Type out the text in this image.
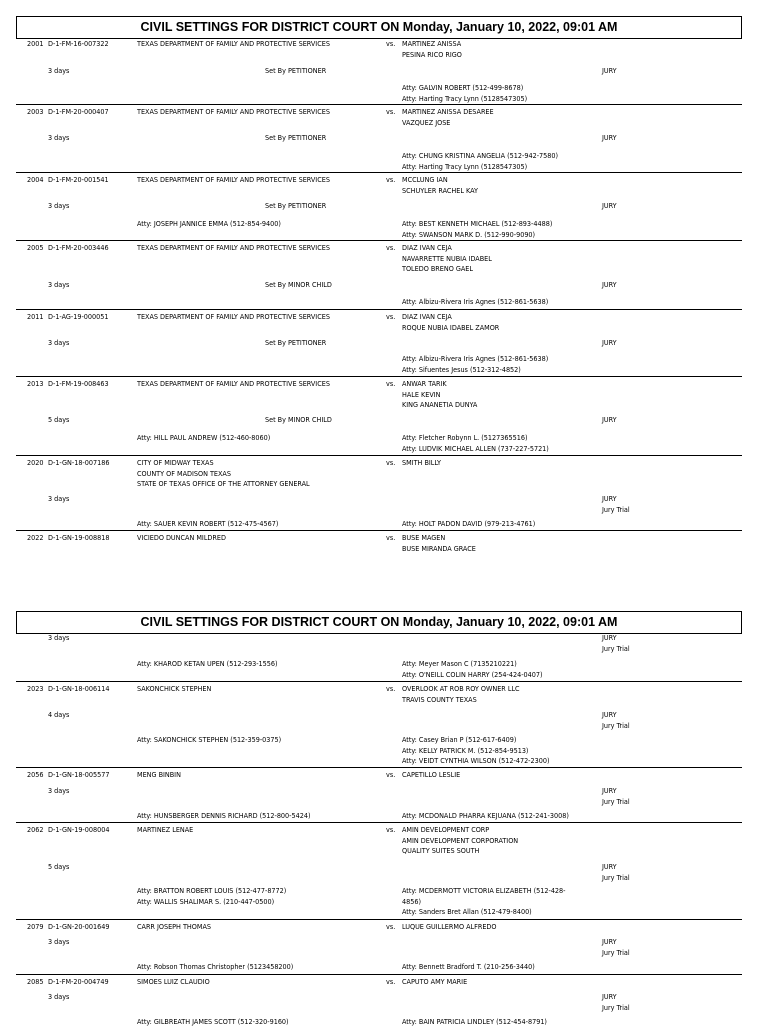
CIVIL SETTINGS FOR DISTRICT COURT ON Monday, January 10, 2022, 09:01 AM
2001 D-1-FM-16-007322	TEXAS DEPARTMENT OF FAMILY AND PROTECTIVE SERVICES	vs. MARTINEZ ANISSA
PESINA RICO RIGO
3 days	Set By PETITIONER	JURY
Atty: GALVIN ROBERT (512-499-8678)
Atty: Harting Tracy Lynn (5128547305)
2003 D-1-FM-20-000407	TEXAS DEPARTMENT OF FAMILY AND PROTECTIVE SERVICES	vs. MARTINEZ ANISSA DESAREE
VAZQUEZ JOSE
3 days	Set By PETITIONER	JURY
Atty: CHUNG KRISTINA ANGELIA (512-942-7580)
Atty: Harting Tracy Lynn (5128547305)
2004 D-1-FM-20-001541	TEXAS DEPARTMENT OF FAMILY AND PROTECTIVE SERVICES	vs. MCCLUNG IAN
SCHUYLER RACHEL KAY
3 days	Set By PETITIONER	JURY
Atty: JOSEPH JANNICE EMMA (512-854-9400)	Atty: BEST KENNETH MICHAEL (512-893-4488)
Atty: SWANSON MARK D. (512-990-9090)
2005 D-1-FM-20-003446	TEXAS DEPARTMENT OF FAMILY AND PROTECTIVE SERVICES	vs. DIAZ IVAN CEJA
NAVARRETTE NUBIA IDABEL
TOLEDO BRENO GAEL
3 days	Set By MINOR CHILD	JURY
Atty: Albizu-Rivera Iris Agnes (512-861-5638)
2011 D-1-AG-19-000051	TEXAS DEPARTMENT OF FAMILY AND PROTECTIVE SERVICES	vs. DIAZ IVAN CEJA
ROQUE NUBIA IDABEL ZAMOR
3 days	Set By PETITIONER	JURY
Atty: Albizu-Rivera Iris Agnes (512-861-5638)
Atty: Sifuentes Jesus (512-312-4852)
2013 D-1-FM-19-008463	TEXAS DEPARTMENT OF FAMILY AND PROTECTIVE SERVICES	vs. ANWAR TARIK
HALE KEVIN
KING ANANETIA DUNYA
5 days	Set By MINOR CHILD	JURY
Atty: HILL PAUL ANDREW (512-460-8060)	Atty: Fletcher Robynn L. (5127365516)
Atty: LUDVIK MICHAEL ALLEN (737-227-5721)
2020 D-1-GN-18-007186	CITY OF MIDWAY TEXAS
COUNTY OF MADISON TEXAS
STATE OF TEXAS OFFICE OF THE ATTORNEY GENERAL
vs. SMITH BILLY
3 days	JURY
Jury Trial
Atty: SAUER KEVIN ROBERT (512-475-4567)	Atty: HOLT PADON DAVID (979-213-4761)
2022 D-1-GN-19-008818	VICIEDO DUNCAN MILDRED	vs. BUSE MAGEN
BUSE MIRANDA GRACE
CIVIL SETTINGS FOR DISTRICT COURT ON Monday, January 10, 2022, 09:01 AM
3 days	JURY
Jury Trial
Atty: KHAROD KETAN UPEN (512-293-1556)	Atty: Meyer Mason C (7135210221)
Atty: O'NEILL COLIN HARRY (254-424-0407)
2023 D-1-GN-18-006114	SAKONCHICK STEPHEN	vs. OVERLOOK AT ROB ROY OWNER LLC
TRAVIS COUNTY TEXAS
4 days	JURY
Jury Trial
Atty: SAKONCHICK STEPHEN (512-359-0375)	Atty: Casey Brian P (512-617-6409)
Atty: KELLY PATRICK M. (512-854-9513)
Atty: VEIDT CYNTHIA WILSON (512-472-2300)
2056 D-1-GN-18-005577	MENG BINBIN	vs. CAPETILLO LESLIE
3 days	JURY
Jury Trial
Atty: HUNSBERGER DENNIS RICHARD (512-800-5424)	Atty: MCDONALD PHARRA KEJUANA (512-241-3008)
2062 D-1-GN-19-008004	MARTINEZ LENAE	vs. AMIN DEVELOPMENT CORP
AMIN DEVELOPMENT CORPORATION
QUALITY SUITES SOUTH
5 days	JURY
Jury Trial
Atty: BRATTON ROBERT LOUIS (512-477-8772)
Atty: WALLIS SHALIMAR S. (210-447-0500)
Atty: MCDERMOTT VICTORIA ELIZABETH (512-428-
4856)
Atty: Sanders Bret Allan (512-479-8400)
2079 D-1-GN-20-001649	CARR JOSEPH THOMAS	vs. LUQUE GUILLERMO ALFREDO
3 days	JURY
Jury Trial
Atty: Robson Thomas Christopher (5123458200)	Atty: Bennett Bradford T. (210-256-3440)
2085 D-1-FM-20-004749	SIMOES LUIZ CLAUDIO	vs. CAPUTO AMY MARIE
3 days	JURY
Jury Trial
Atty: GILBREATH JAMES SCOTT (512-320-9160)	Atty: BAIN PATRICIA LINDLEY (512-454-8791)
